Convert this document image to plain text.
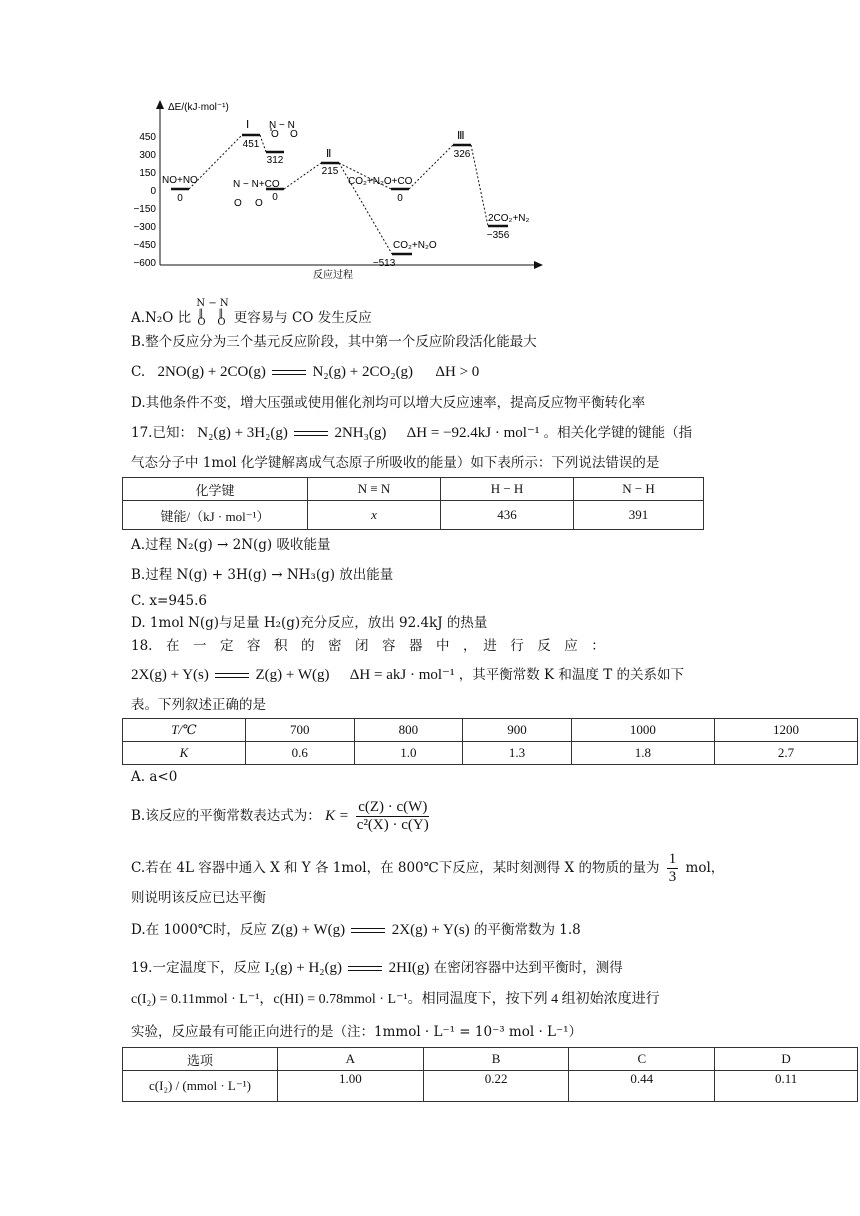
ΔE/(kJ·mol⁻¹)
反应过程
450
300
150
0
−150
−300
−450
−600
0
451
312
0
215
0
−513
326
−356
NO+NO
Ⅰ N − N
O O
Ⅱ
N − N+CO
O O
CO₂+N₂O+CO
CO₂+N₂O
Ⅲ
2CO₂+N₂
A.N₂O 比
N − N
‖ ‖
O O 更容易与 CO 发生反应
B.整个反应分为三个基元反应阶段，其中第一个反应阶段活化能最大
C. 2NO(g) + 2CO(g)	N₂(g) + 2CO₂(g) ΔH > 0
D.其他条件不变，增大压强或使用催化剂均可以增大反应速率，提高反应物平衡转化率
17.已知： N₂(g) + 3H₂(g)	2NH₃(g) ΔH = −92.4kJ · mol⁻¹ 。相关化学键的键能（指
气态分子中 1mol 化学键解离成气态原子所吸收的能量）如下表所示：下列说法错误的是
化学键	N ≡ N	H − H	N − H
键能/（kJ · mol⁻¹）	x	436	391
A.过程 N₂(g) → 2N(g) 吸收能量
B.过程 N(g) + 3H(g) → NH₃(g) 放出能量
C. x=945.6
D. 1mol N(g)与足量 H₂(g)充分反应，放出 92.4kJ 的热量
18.　在　一　定　容　积　的　密　闭　容　器　中　，　进　行　反　应　：
2X(g) + Y(s)	Z(g) + W(g) ΔH = akJ · mol⁻¹ ，其平衡常数 K 和温度 T 的关系如下
表。下列叙述正确的是
T/℃	700	800	900	1000	1200
K	0.6	1.0	1.3	1.8	2.7
A. a<0
B.该反应的平衡常数表达式为： $K = \frac{c(Z) \cdot c(W)}{\text{c²(X) · c(Y)}}$
C.若在 4L 容器中通入 X 和 Y 各 1mol，在 800℃下反应，某时刻测得 X 的物质的量为 $\frac{1}{3}$ mol，
则说明该反应已达平衡
D.在 1000℃时，反应 Z(g) + W(g)	2X(g) + Y(s) 的平衡常数为 1.8
19.一定温度下，反应 I₂(g) + H₂(g)	2HI(g) 在密闭容器中达到平衡时，测得
c(I₂) = 0.11mmol · L⁻¹，c(HI) = 0.78mmol · L⁻¹。相同温度下，按下列 4 组初始浓度进行
实验，反应最有可能正向进行的是（注：1mmol · L⁻¹ = 10⁻³ mol · L⁻¹）
选项	A	B	C	D
c(I₂) / (mmol · L⁻¹)	1.00	0.22	0.44	0.11
